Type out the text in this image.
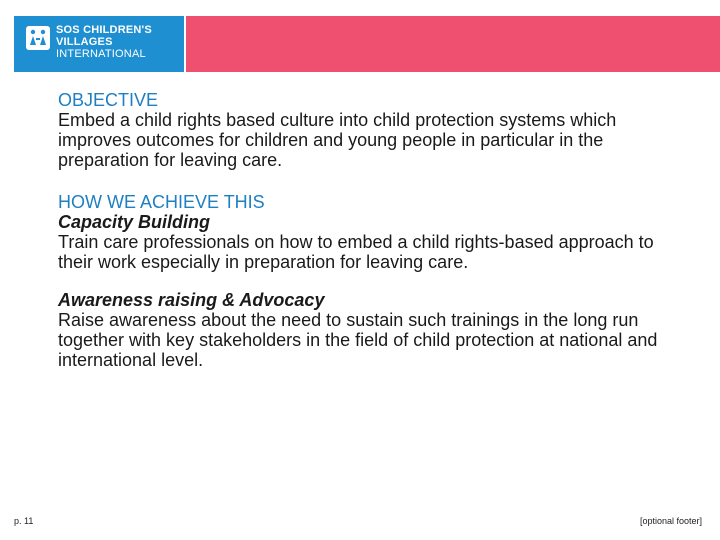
SOS CHILDREN'S
VILLAGES
INTERNATIONAL

OBJECTIVE

Embed a child rights based culture into child protection systems which improves outcomes for children and young people in particular in the preparation for leaving care.

HOW WE ACHIEVE THIS

Capacity Building

Train care professionals on how to embed a child rights-based approach to their work especially in preparation for leaving care.

Awareness raising & Advocacy

Raise awareness about the need to sustain such trainings in the long run together with key stakeholders in the field of child protection at national and international level.

p. 11	[optional footer]
